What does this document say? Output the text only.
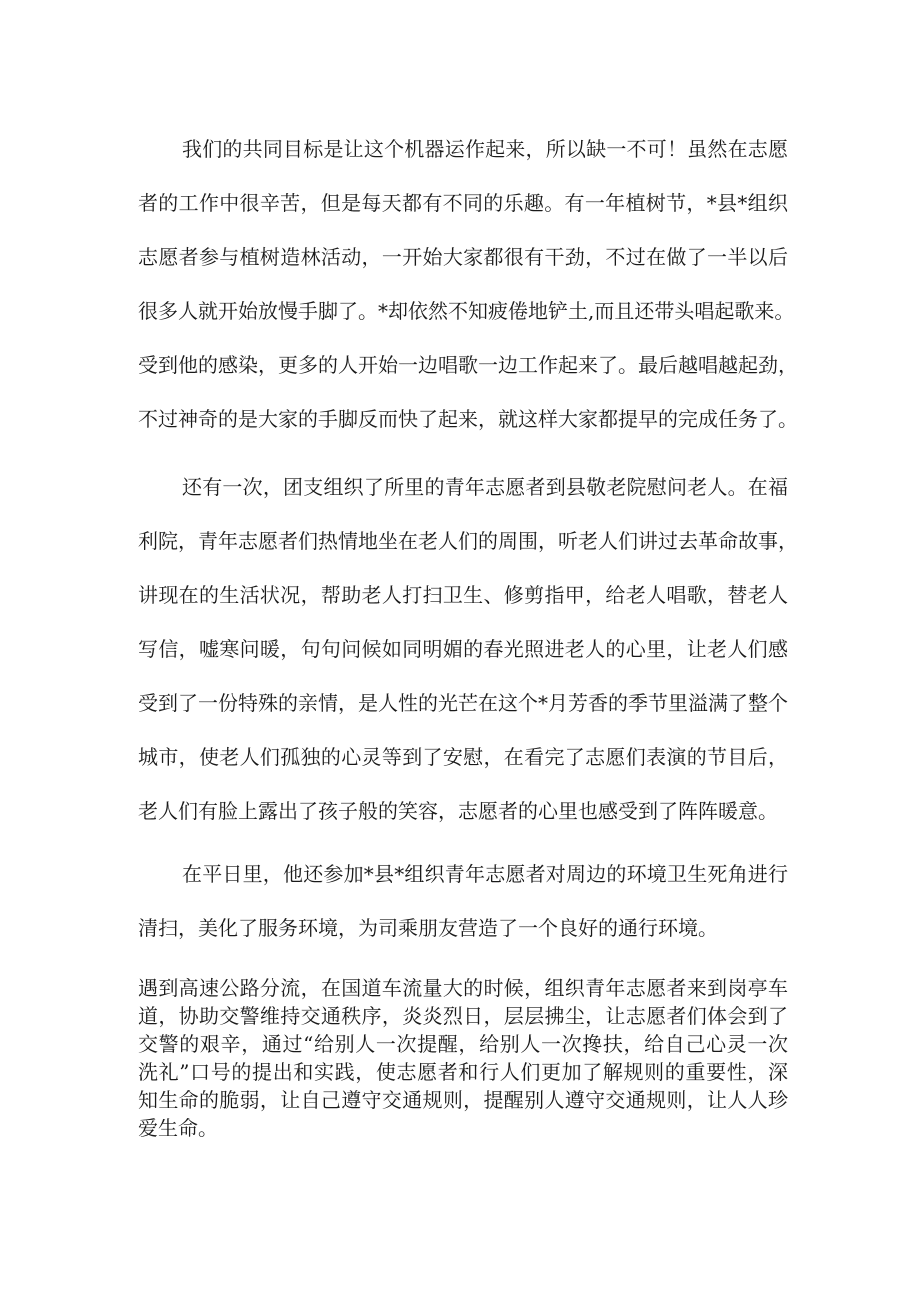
我们的共同目标是让这个机器运作起来，所以缺一不可！虽然在志愿
者的工作中很辛苦，但是每天都有不同的乐趣。有一年植树节，*县*组织
志愿者参与植树造林活动，一开始大家都很有干劲，不过在做了一半以后
很多人就开始放慢手脚了。*却依然不知疲倦地铲土,而且还带头唱起歌来。
受到他的感染，更多的人开始一边唱歌一边工作起来了。最后越唱越起劲，
不过神奇的是大家的手脚反而快了起来，就这样大家都提早的完成任务了。
还有一次，团支组织了所里的青年志愿者到县敬老院慰问老人。在福
利院，青年志愿者们热情地坐在老人们的周围，听老人们讲过去革命故事，
讲现在的生活状况，帮助老人打扫卫生、修剪指甲，给老人唱歌，替老人
写信，嘘寒问暖，句句问候如同明媚的春光照进老人的心里，让老人们感
受到了一份特殊的亲情，是人性的光芒在这个*月芳香的季节里溢满了整个
城市，使老人们孤独的心灵等到了安慰，在看完了志愿们表演的节目后，
老人们有脸上露出了孩子般的笑容，志愿者的心里也感受到了阵阵暖意。
在平日里，他还参加*县*组织青年志愿者对周边的环境卫生死角进行
清扫，美化了服务环境，为司乘朋友营造了一个良好的通行环境。
遇到高速公路分流，在国道车流量大的时候，组织青年志愿者来到岗亭车
道，协助交警维持交通秩序，炎炎烈日，层层拂尘，让志愿者们体会到了
交警的艰辛，通过“给别人一次提醒，给别人一次搀扶，给自己心灵一次
洗礼”口号的提出和实践，使志愿者和行人们更加了解规则的重要性，深
知生命的脆弱，让自己遵守交通规则，提醒别人遵守交通规则，让人人珍
爱生命。
